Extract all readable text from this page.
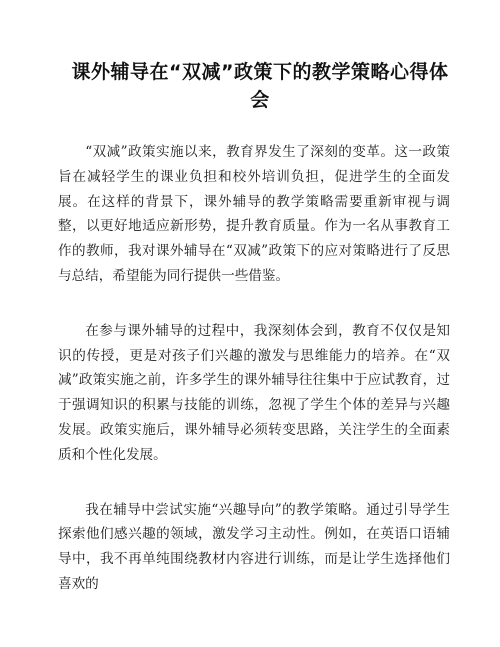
课外辅导在“双减”政策下的教学策略心得体会

“双减”政策实施以来，教育界发生了深刻的变革。这一政策旨在减轻学生的课业负担和校外培训负担，促进学生的全面发展。在这样的背景下，课外辅导的教学策略需要重新审视与调整，以更好地适应新形势，提升教育质量。作为一名从事教育工作的教师，我对课外辅导在“双减”政策下的应对策略进行了反思与总结，希望能为同行提供一些借鉴。

在参与课外辅导的过程中，我深刻体会到，教育不仅仅是知识的传授，更是对孩子们兴趣的激发与思维能力的培养。在“双减”政策实施之前，许多学生的课外辅导往往集中于应试教育，过于强调知识的积累与技能的训练，忽视了学生个体的差异与兴趣发展。政策实施后，课外辅导必须转变思路，关注学生的全面素质和个性化发展。

我在辅导中尝试实施“兴趣导向”的教学策略。通过引导学生探索他们感兴趣的领域，激发学习主动性。例如，在英语口语辅导中，我不再单纯围绕教材内容进行训练，而是让学生选择他们喜欢的
